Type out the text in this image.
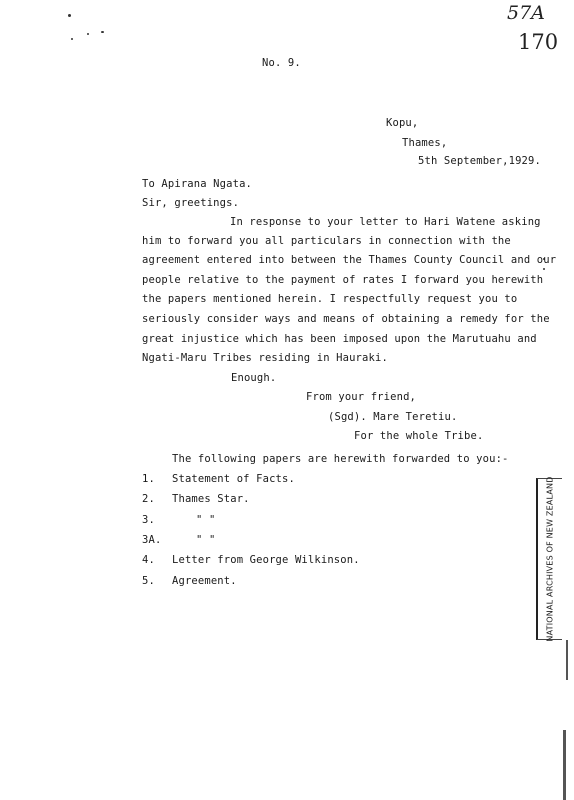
57A
170
No. 9.
Kopu,
Thames,
5th September,1929.
To Apirana Ngata.
Sir, greetings.
In response to your letter to Hari Watene asking
him to forward you all particulars in connection with the
agreement entered into between the Thames County Council and our
people relative to the payment of rates I forward you herewith
the papers mentioned herein. I respectfully request you to
seriously consider ways and means of obtaining a remedy for the
great injustice which has been imposed upon the Marutuahu and
Ngati-Maru Tribes residing in Hauraki.
Enough.
From your friend,
(Sgd). Mare Teretiu.
For the whole Tribe.
The following papers are herewith forwarded to you:-
1. Statement of Facts.
2. Thames Star.
3.	" "
3A.	" "
4. Letter from George Wilkinson.
5. Agreement.	NATIONAL ARCHIVES OF NEW ZEALAND
